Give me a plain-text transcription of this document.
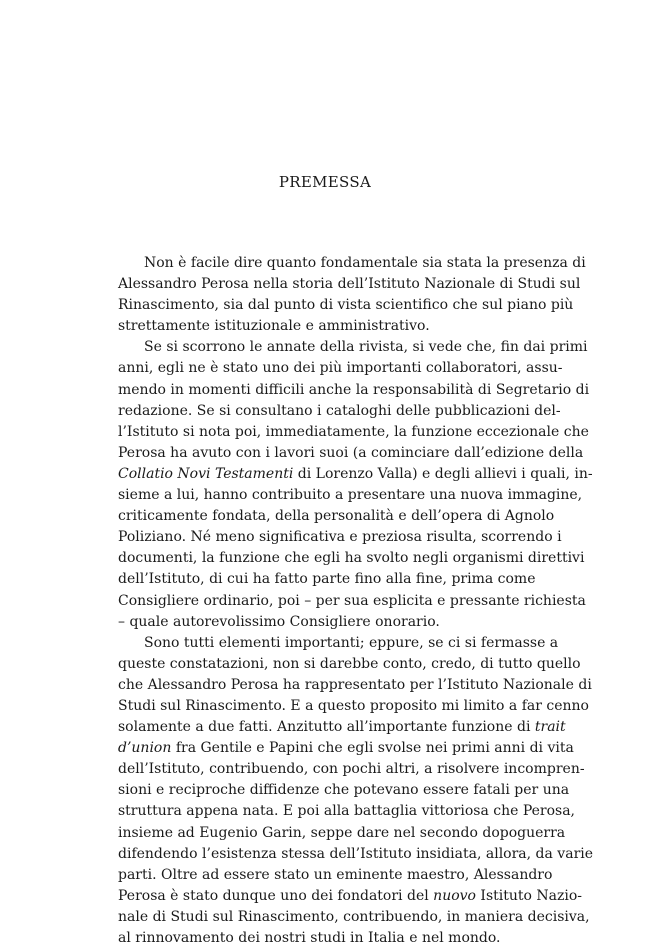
PREMESSA
Non è facile dire quanto fondamentale sia stata la presenza di
Alessandro Perosa nella storia dell’Istituto Nazionale di Studi sul
Rinascimento, sia dal punto di vista scientifico che sul piano più
strettamente istituzionale e amministrativo.
Se si scorrono le annate della rivista, si vede che, fin dai primi
anni, egli ne è stato uno dei più importanti collaboratori, assu-
mendo in momenti difficili anche la responsabilità di Segretario di
redazione. Se si consultano i cataloghi delle pubblicazioni del-
l’Istituto si nota poi, immediatamente, la funzione eccezionale che
Perosa ha avuto con i lavori suoi (a cominciare dall’edizione della
Collatio Novi Testamenti di Lorenzo Valla) e degli allievi i quali, in-
sieme a lui, hanno contribuito a presentare una nuova immagine,
criticamente fondata, della personalità e dell’opera di Agnolo
Poliziano. Né meno significativa e preziosa risulta, scorrendo i
documenti, la funzione che egli ha svolto negli organismi direttivi
dell’Istituto, di cui ha fatto parte fino alla fine, prima come
Consigliere ordinario, poi – per sua esplicita e pressante richiesta
– quale autorevolissimo Consigliere onorario.
Sono tutti elementi importanti; eppure, se ci si fermasse a
queste constatazioni, non si darebbe conto, credo, di tutto quello
che Alessandro Perosa ha rappresentato per l’Istituto Nazionale di
Studi sul Rinascimento. E a questo proposito mi limito a far cenno
solamente a due fatti. Anzitutto all’importante funzione di trait
d’union fra Gentile e Papini che egli svolse nei primi anni di vita
dell’Istituto, contribuendo, con pochi altri, a risolvere incompren-
sioni e reciproche diffidenze che potevano essere fatali per una
struttura appena nata. E poi alla battaglia vittoriosa che Perosa,
insieme ad Eugenio Garin, seppe dare nel secondo dopoguerra
difendendo l’esistenza stessa dell’Istituto insidiata, allora, da varie
parti. Oltre ad essere stato un eminente maestro, Alessandro
Perosa è stato dunque uno dei fondatori del nuovo Istituto Nazio-
nale di Studi sul Rinascimento, contribuendo, in maniera decisiva,
al rinnovamento dei nostri studi in Italia e nel mondo.
